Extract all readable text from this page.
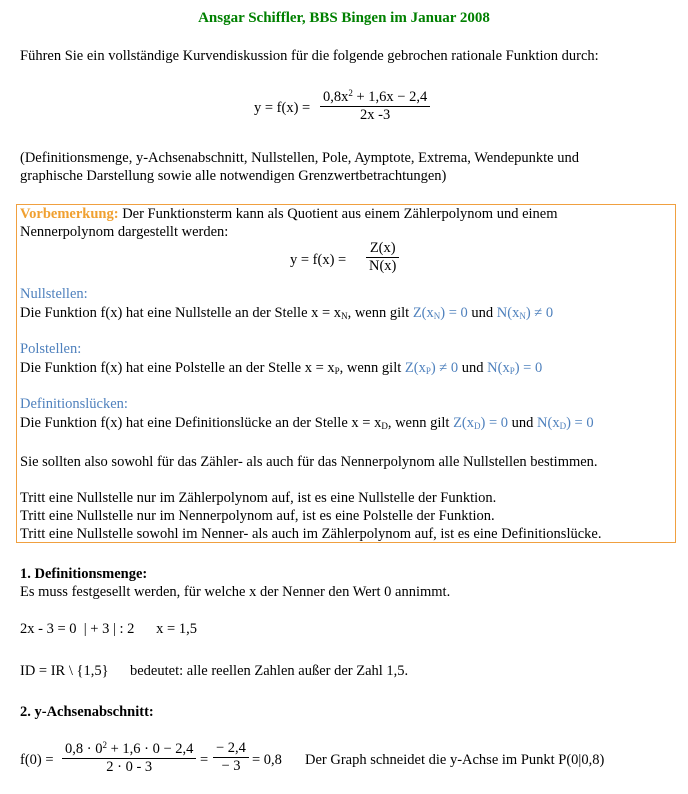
Ansgar Schiffler, BBS Bingen im Januar 2008
Führen Sie ein vollständige Kurvendiskussion für die folgende gebrochen rationale Funktion durch:
y = f(x) =
$0,8x^2 + 1,6x - 2,4$
2x -3
(Definitionsmenge, y-Achsenabschnitt, Nullstellen, Pole, Aymptote, Extrema, Wendepunkte und
graphische Darstellung sowie alle notwendigen Grenzwertbetrachtungen)
Vorbemerkung: Der Funktionsterm kann als Quotient aus einem Zählerpolynom und einem
Nennerpolynom dargestellt werden:
y = f(x) =
Z(x)
N(x)
Nullstellen:
Die Funktion f(x) hat eine Nullstelle an der Stelle $x = x_N$, wenn gilt $Z(x_N) = 0$ und $N(x_N) \ne 0$
Polstellen:
Die Funktion f(x) hat eine Polstelle an der Stelle $x = x_P$, wenn gilt $Z(x_P) \ne 0$ und $N(x_P) = 0$
Definitionslücken:
Die Funktion f(x) hat eine Definitionslücke an der Stelle $x = x_D$, wenn gilt $Z(x_D) = 0$ und $N(x_D) = 0$
Sie sollten also sowohl für das Zähler- als auch für das Nennerpolynom alle Nullstellen bestimmen.
Tritt eine Nullstelle nur im Zählerpolynom auf, ist es eine Nullstelle der Funktion.
Tritt eine Nullstelle nur im Nennerpolynom auf, ist es eine Polstelle der Funktion.
Tritt eine Nullstelle sowohl im Nenner- als auch im Zählerpolynom auf, ist es eine Definitionslücke.
1. Definitionsmenge:
Es muss festgesellt werden, für welche x der Nenner den Wert 0 annimmt.
2x - 3 = 0  | + 3 | : 2      x = 1,5
ID = IR \ {1,5} bedeutet: alle reellen Zahlen außer der Zahl 1,5.
2. y-Achsenabschnitt:
f(0) =
$0,8 \cdot 0^2 + 1,6 \cdot 0 - 2,4$
2 · 0 - 3	=
− 2,4
− 3 = 0,8 Der Graph schneidet die y-Achse im Punkt P(0|0,8)
